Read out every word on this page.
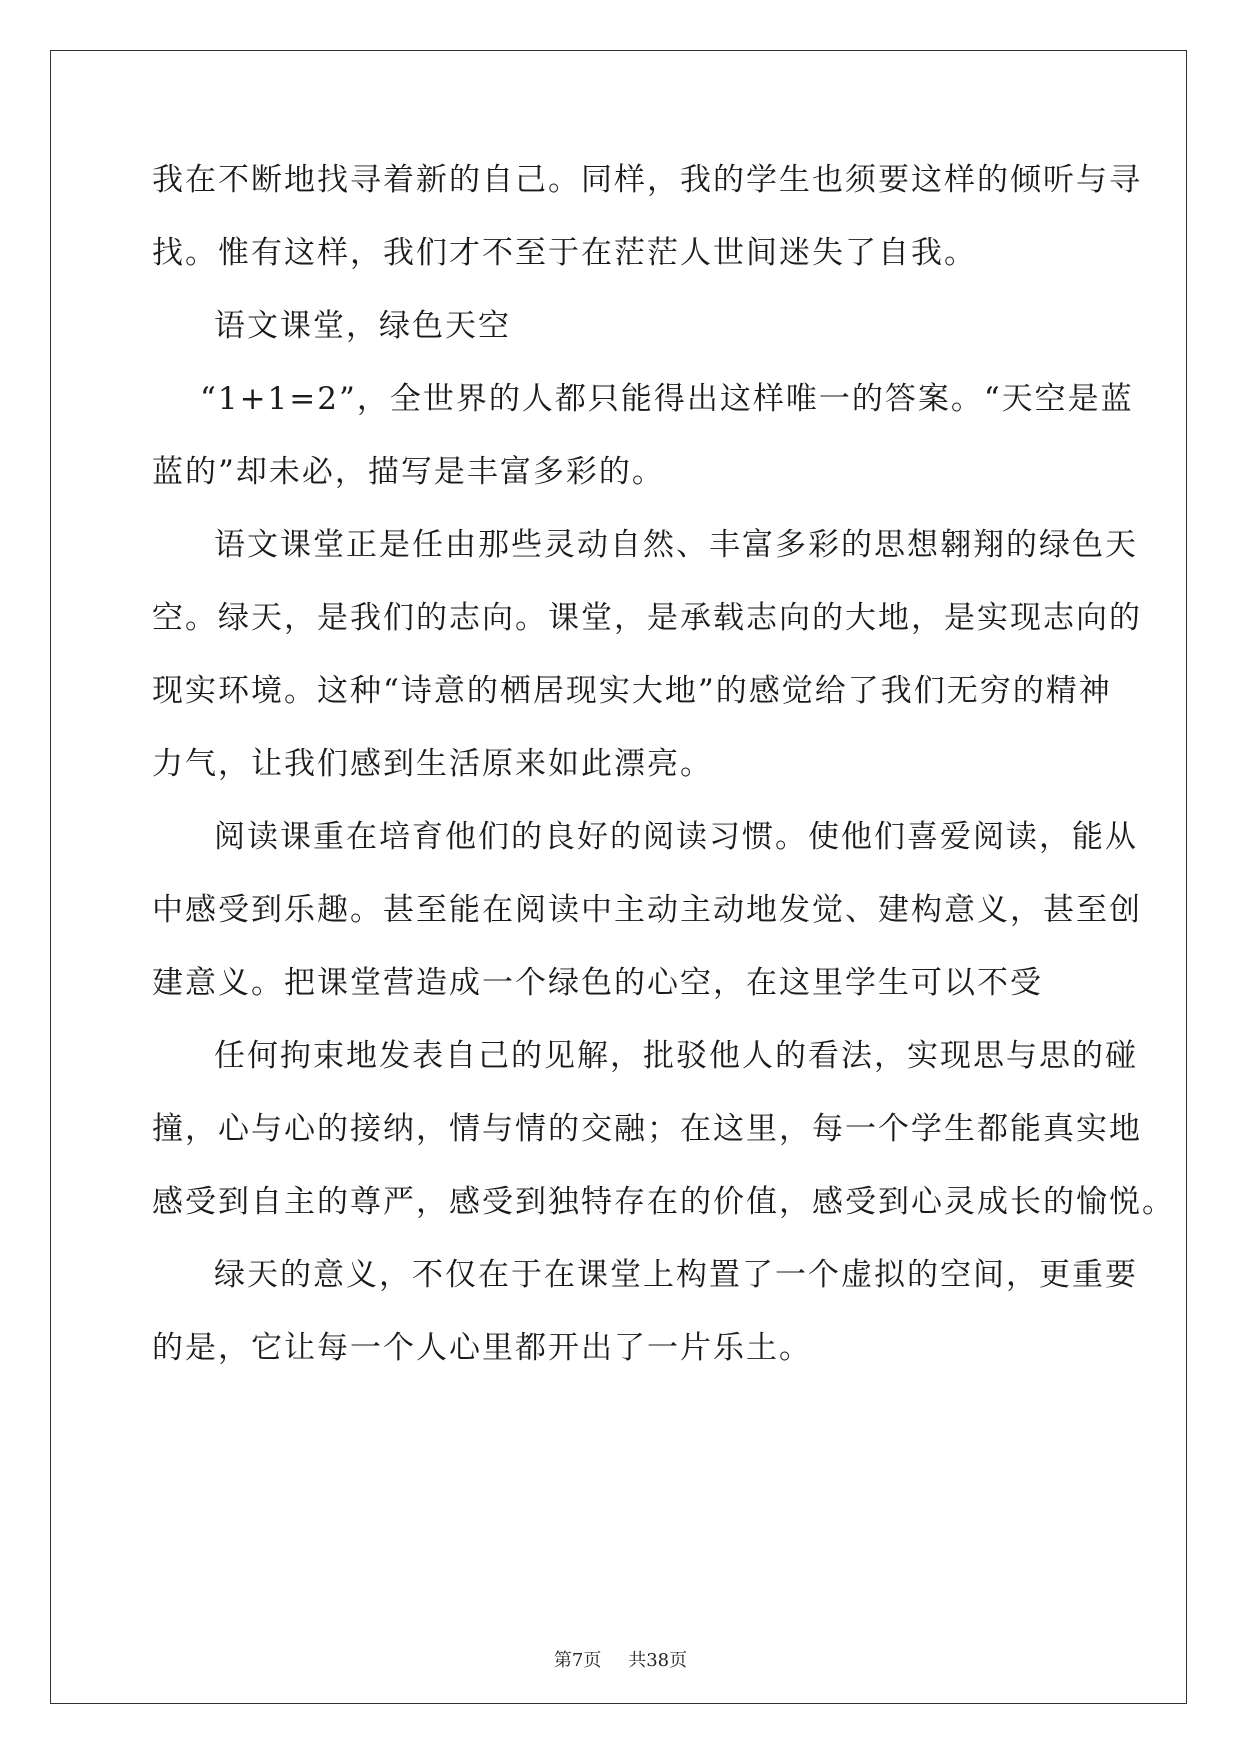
我在不断地找寻着新的自己。同样，我的学生也须要这样的倾听与寻
找。惟有这样，我们才不至于在茫茫人世间迷失了自我。
语文课堂，绿色天空
“1+1=2”，全世界的人都只能得出这样唯一的答案。“天空是蓝
蓝的”却未必，描写是丰富多彩的。
语文课堂正是任由那些灵动自然、丰富多彩的思想翱翔的绿色天
空。绿天，是我们的志向。课堂，是承载志向的大地，是实现志向的
现实环境。这种“诗意的栖居现实大地”的感觉给了我们无穷的精神
力气，让我们感到生活原来如此漂亮。
阅读课重在培育他们的良好的阅读习惯。使他们喜爱阅读，能从
中感受到乐趣。甚至能在阅读中主动主动地发觉、建构意义，甚至创
建意义。把课堂营造成一个绿色的心空，在这里学生可以不受
任何拘束地发表自己的见解，批驳他人的看法，实现思与思的碰
撞，心与心的接纳，情与情的交融；在这里，每一个学生都能真实地
感受到自主的尊严，感受到独特存在的价值，感受到心灵成长的愉悦。
绿天的意义，不仅在于在课堂上构置了一个虚拟的空间，更重要
的是，它让每一个人心里都开出了一片乐土。
第7页 共38页
